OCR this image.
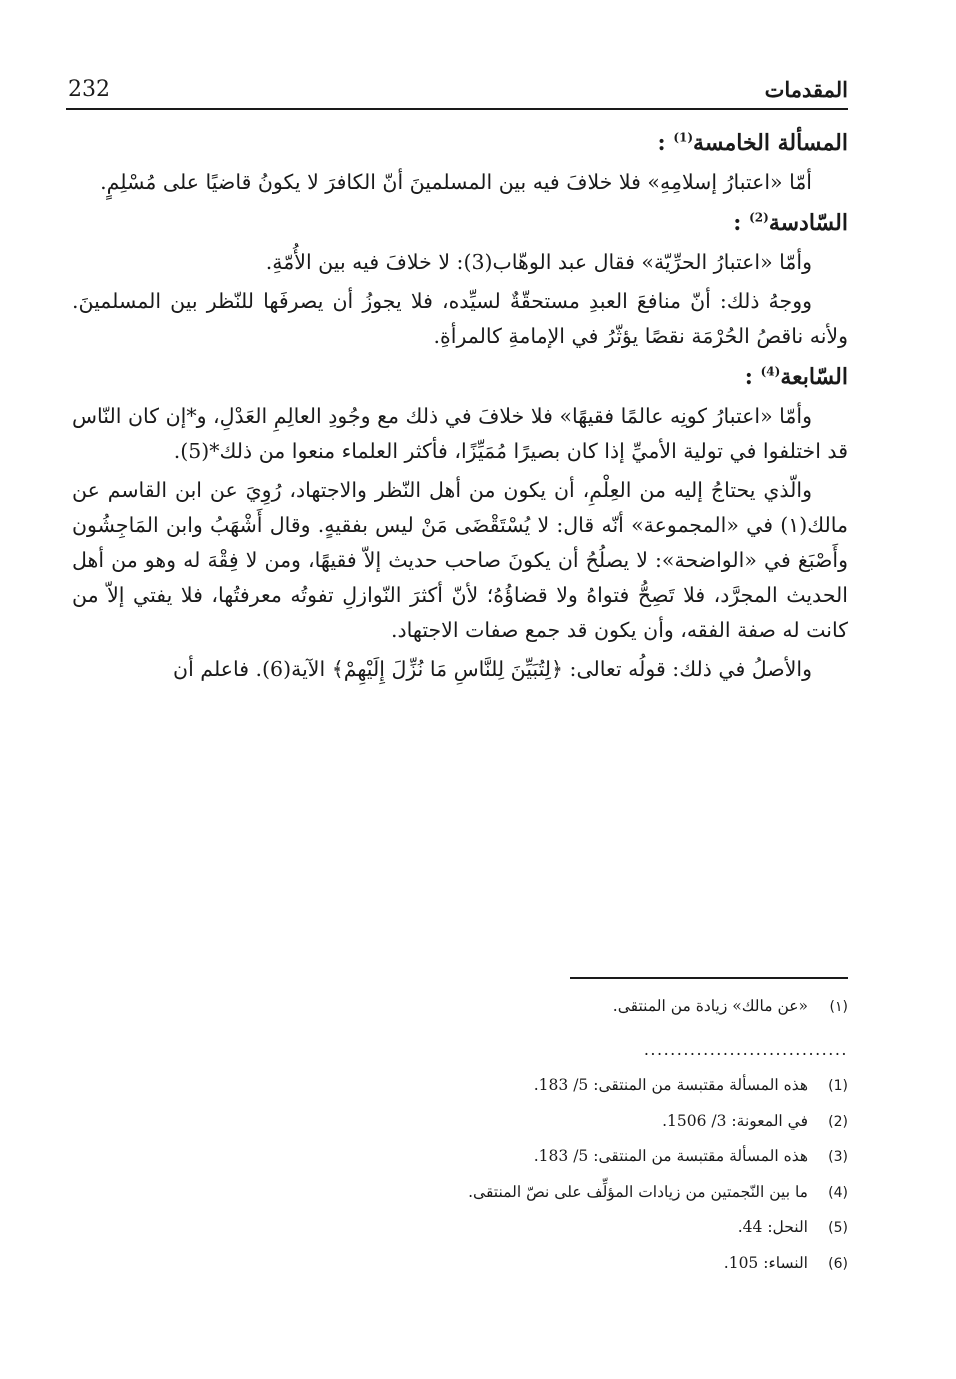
232	المقدمات
المسألة الخامسة$^{(1)}$ :

أمّا «اعتبارُ إسلامِهِ» فلا خلافَ فيه بين المسلمينَ أنّ الكافرَ لا يكونُ قاضيًا على مُسْلِمٍ.

السّادسة$^{(2)}$ :

وأمّا «اعتبارُ الحرِّيّة» فقال عبد الوهّاب(3): لا خلافَ فيه بين الأُمّةِ.

ووجهُ ذلك: أنّ منافعَ العبدِ مستحقّةٌ لسيِّده، فلا يجوزُ أن يصرفَها للنّظر بين المسلمينَ. ولأنه ناقصُ الحُرْمَة نقصًا يؤثّرُ في الإمامةِ كالمرأةِ.

السّابعة$^{(4)}$ :

وأمّا «اعتبارُ كونِه عالمًا فقيهًا» فلا خلافَ في ذلك مع وجُودِ العالِمِ العَدْلِ، و*إن كان النّاس قد اختلفوا في تولية الأميِّ إذا كان بصيرًا مُمَيِّزًا، فأكثر العلماء منعوا من ذلك*(5).

والّذي يحتاجُ إليه من العِلْمِ، أن يكون من أهل النّظر والاجتهاد، رُوِيَ عن ابن القاسم عن مالك(١) في «المجموعة» أنّه قال: لا يُسْتَقْضَى مَنْ ليس بفقيهٍ. وقال أَشْهَبُ وابن المَاجِشُون وأَصْبَغ في «الواضحة»: لا يصلُحُ أن يكونَ صاحب حديث إلاّ فقيهًا، ومن لا فِقْهَ له وهو من أهل الحديث المجرَّد، فلا تَصِحُّ فتواهُ ولا قضاؤُهُ؛ لأنّ أكثرَ النّوازلِ تفوتُه معرفتُها، فلا يفتي إلاّ من كانت له صفة الفقه، وأن يكون قد جمع صفات الاجتهاد.

والأصلُ في ذلك: قولُه تعالى: ﴿لِتُبَيِّنَ لِلنَّاسِ مَا نُزِّلَ إِلَيْهِمْ﴾ الآية(6). فاعلم أن

(١)
«عن مالك» زيادة من المنتقى.
...............................
(1)
هذه المسألة مقتبسة من المنتقى: 5/ 183.
(2)
في المعونة: 3/ 1506.
(3)
هذه المسألة مقتبسة من المنتقى: 5/ 183.
(4)
ما بين النّجمتين من زيادات المؤلِّف على نصّ المنتقى.
(5)
النحل: 44.
(6)
النساء: 105.
